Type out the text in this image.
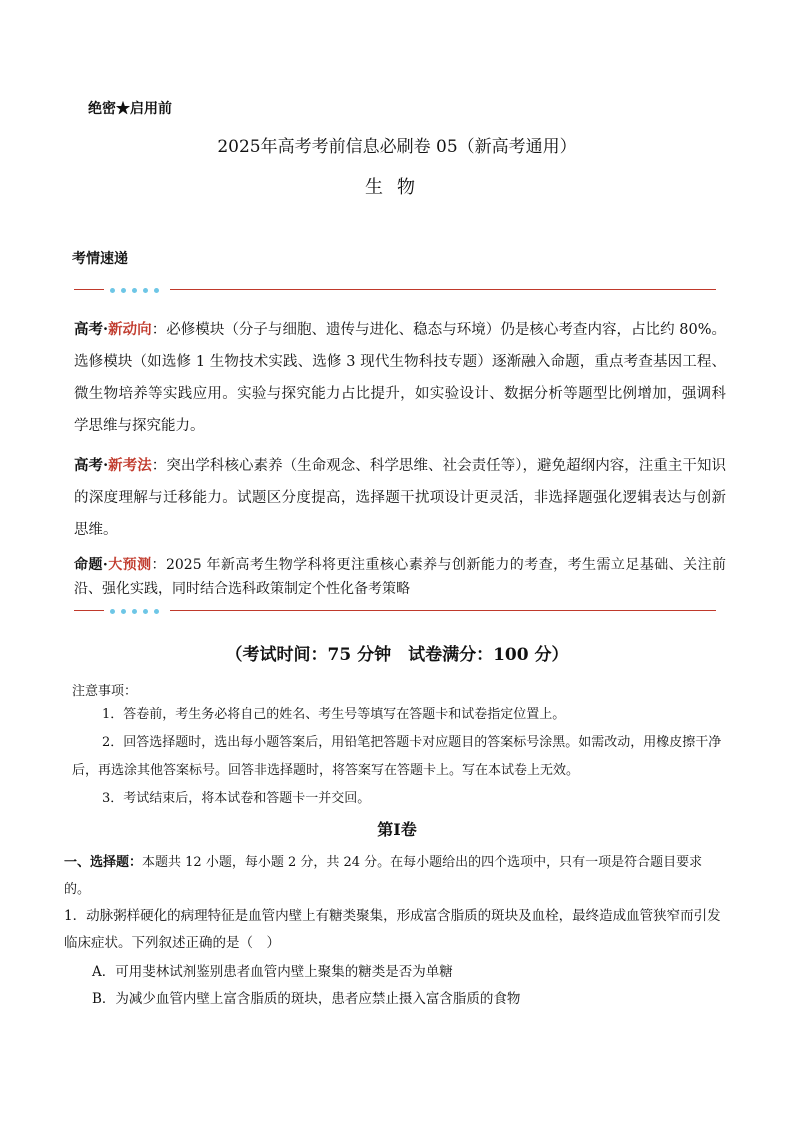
绝密★启用前
2025年高考考前信息必刷卷 05（新高考通用）
生物
考情速递
高考·新动向：必修模块（分子与细胞、遗传与进化、稳态与环境）仍是核心考查内容，占比约 80%。选修模块（如选修 1 生物技术实践、选修 3 现代生物科技专题）逐渐融入命题，重点考查基因工程、微生物培养等实践应用。实验与探究能力占比提升，如实验设计、数据分析等题型比例增加，强调科学思维与探究能力。
高考·新考法：突出学科核心素养（生命观念、科学思维、社会责任等），避免超纲内容，注重主干知识的深度理解与迁移能力。试题区分度提高，选择题干扰项设计更灵活，非选择题强化逻辑表达与创新思维。
命题·大预测：2025 年新高考生物学科将更注重核心素养与创新能力的考查，考生需立足基础、关注前沿、强化实践，同时结合选科政策制定个性化备考策略
（考试时间：75 分钟　试卷满分：100 分）
注意事项：
1．答卷前，考生务必将自己的姓名、考生号等填写在答题卡和试卷指定位置上。
2．回答选择题时，选出每小题答案后，用铅笔把答题卡对应题目的答案标号涂黑。如需改动，用橡皮擦干净后，再选涂其他答案标号。回答非选择题时，将答案写在答题卡上。写在本试卷上无效。
3．考试结束后，将本试卷和答题卡一并交回。
第Ⅰ卷
一、选择题：本题共 12 小题，每小题 2 分，共 24 分。在每小题给出的四个选项中，只有一项是符合题目要求的。
1．动脉粥样硬化的病理特征是血管内壁上有糖类聚集，形成富含脂质的斑块及血栓，最终造成血管狭窄而引发临床症状。下列叙述正确的是（　）
A．可用斐林试剂鉴别患者血管内壁上聚集的糖类是否为单糖
B．为减少血管内壁上富含脂质的斑块，患者应禁止摄入富含脂质的食物
